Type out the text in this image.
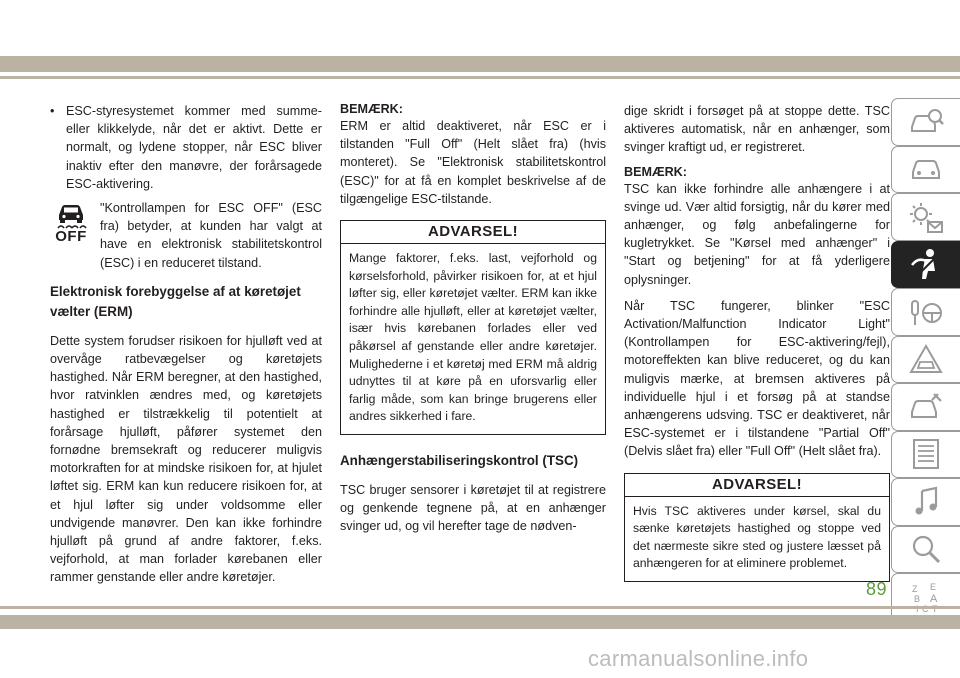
• ESC-styresystemet kommer med summe-eller klikkelyde, når det er aktivt. Dette er normalt, og lydene stopper, når ESC bliver inaktiv efter den manøvre, der forårsagede ESC-aktivering.
OFF
"Kontrollampen for ESC OFF" (ESC fra) betyder, at kunden har valgt at have en elektronisk stabilitetskontrol (ESC) i en reduceret tilstand.
Elektronisk forebyggelse af at køretøjet vælter (ERM)
Dette system forudser risikoen for hjulløft ved at overvåge ratbevægelser og køretøjets hastighed. Når ERM beregner, at den hastighed, hvor ratvinklen ændres med, og køretøjets hastighed er tilstrækkelig til potentielt at forårsage hjulløft, påfører systemet den fornødne bremsekraft og reducerer muligvis motorkraften for at mindske risikoen for, at hjulet løftet sig. ERM kan kun reducere risikoen for, at et hjul løfter sig under voldsomme eller undvigende manøvrer. Den kan ikke forhindre hjulløft på grund af andre faktorer, f.eks. vejforhold, at man forlader kørebanen eller rammer genstande eller andre køretøjer.
BEMÆRK:
ERM er altid deaktiveret, når ESC er i tilstanden "Full Off" (Helt slået fra) (hvis monteret). Se "Elektronisk stabilitetskontrol (ESC)" for at få en komplet beskrivelse af de tilgængelige ESC-tilstande.
ADVARSEL!
Mange faktorer, f.eks. last, vejforhold og kørselsforhold, påvirker risikoen for, at et hjul løfter sig, eller køretøjet vælter. ERM kan ikke forhindre alle hjulløft, eller at køretøjet vælter, især hvis kørebanen forlades eller ved påkørsel af genstande eller andre køretøjer. Mulighederne i et køretøj med ERM må aldrig udnyttes til at køre på en uforsvarlig eller farlig måde, som kan bringe brugerens eller andres sikkerhed i fare.
Anhængerstabiliseringskontrol (TSC)
TSC bruger sensorer i køretøjet til at registrere og genkende tegnene på, at en anhænger svinger ud, og vil herefter tage de nødven-
dige skridt i forsøget på at stoppe dette. TSC aktiveres automatisk, når en anhænger, som svinger kraftigt ud, er registreret.
BEMÆRK:
TSC kan ikke forhindre alle anhængere i at svinge ud. Vær altid forsigtig, når du kører med anhænger, og følg anbefalingerne for kugletrykket. Se "Kørsel med anhænger" i "Start og betjening" for at få yderligere oplysninger.
Når TSC fungerer, blinker "ESC Activation/Malfunction Indicator Light" (Kontrollampen for ESC-aktivering/fejl), motoreffekten kan blive reduceret, og du kan muligvis mærke, at bremsen aktiveres på individuelle hjul i et forsøg på at standse anhængerens udsving. TSC er deaktiveret, når ESC-systemet er i tilstandene "Partial Off" (Delvis slået fra) eller "Full Off" (Helt slået fra).
ADVARSEL!
Hvis TSC aktiveres under kørsel, skal du sænke køretøjets hastighed og stoppe ved det nærmeste sikre sted og justere læsset på anhængeren for at eliminere problemet.
Z E
B A
89
carmanualsonline.info
